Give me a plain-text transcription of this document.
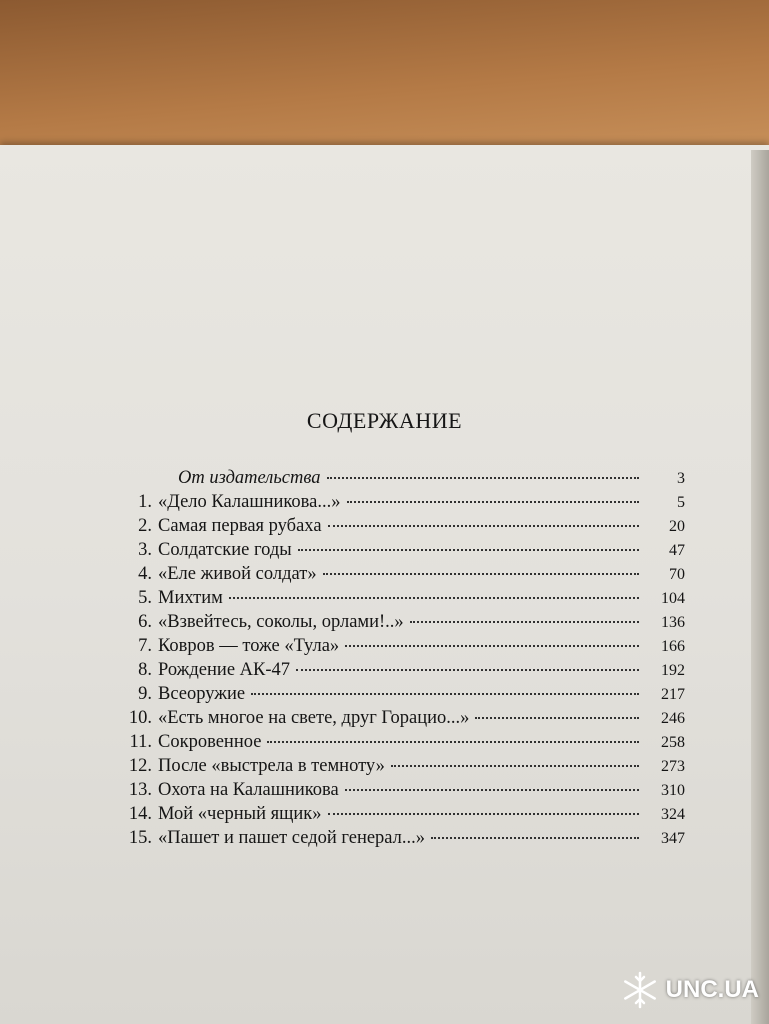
СОДЕРЖАНИЕ
От издательства	3
1. «Дело Калашникова...»	5
2. Самая первая рубаха	20
3. Солдатские годы	47
4. «Еле живой солдат»	70
5. Михтим	104
6. «Взвейтесь, соколы, орлами!..»	136
7. Ковров — тоже «Тула»	166
8. Рождение АК-47	192
9. Всеоружие	217
10. «Есть многое на свете, друг Горацио...»	246
11. Сокровенное	258
12. После «выстрела в темноту»	273
13. Охота на Калашникова	310
14. Мой «черный ящик»	324
15. «Пашет и пашет седой генерал...»	347
UNC.UA
